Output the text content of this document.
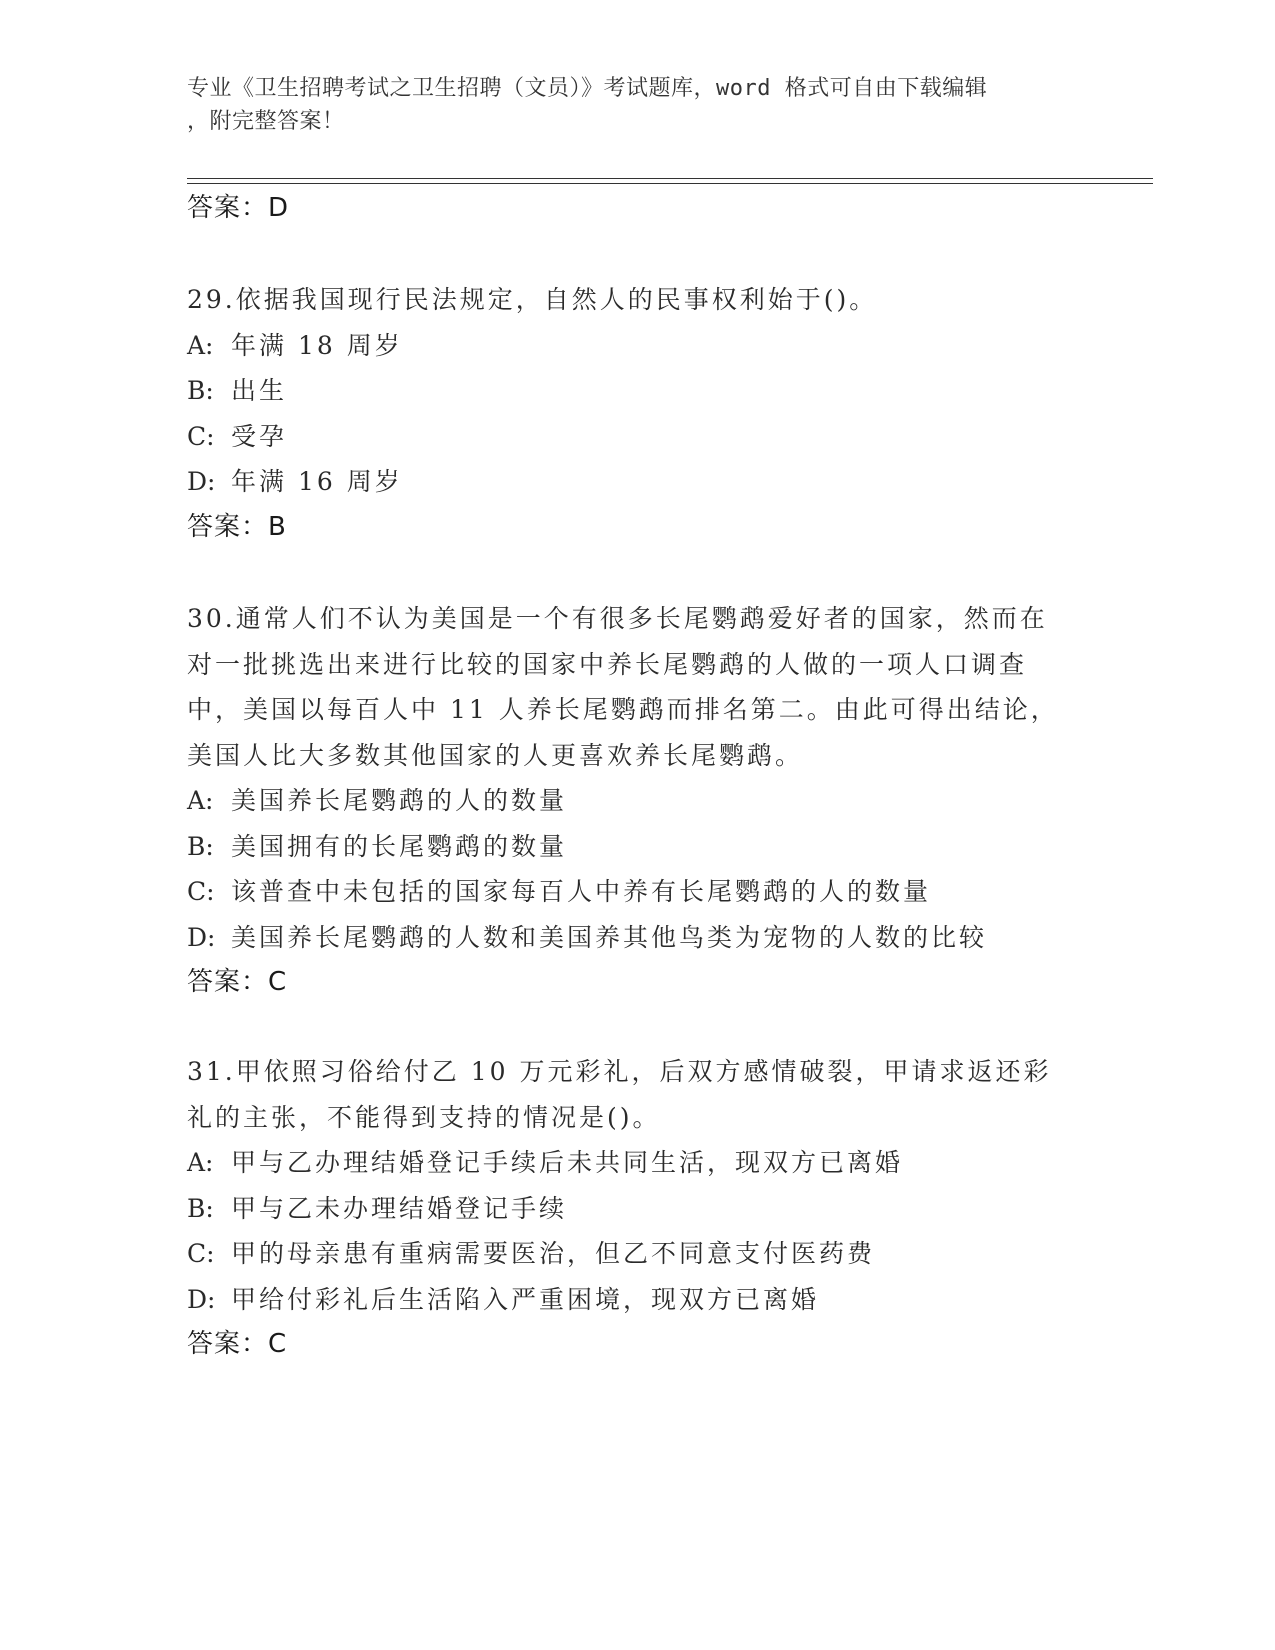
专业《卫生招聘考试之卫生招聘（文员）》考试题库，word 格式可自由下载编辑
，附完整答案！
答案：D
29.依据我国现行民法规定，自然人的民事权利始于()。
A: 年满 18 周岁
B: 出生
C: 受孕
D: 年满 16 周岁
答案：B
30.通常人们不认为美国是一个有很多长尾鹦鹉爱好者的国家，然而在
对一批挑选出来进行比较的国家中养长尾鹦鹉的人做的一项人口调查
中，美国以每百人中 11 人养长尾鹦鹉而排名第二。由此可得出结论，
美国人比大多数其他国家的人更喜欢养长尾鹦鹉。
A: 美国养长尾鹦鹉的人的数量
B: 美国拥有的长尾鹦鹉的数量
C: 该普查中未包括的国家每百人中养有长尾鹦鹉的人的数量
D: 美国养长尾鹦鹉的人数和美国养其他鸟类为宠物的人数的比较
答案：C
31.甲依照习俗给付乙 10 万元彩礼，后双方感情破裂，甲请求返还彩
礼的主张，不能得到支持的情况是()。
A: 甲与乙办理结婚登记手续后未共同生活，现双方已离婚
B: 甲与乙未办理结婚登记手续
C: 甲的母亲患有重病需要医治，但乙不同意支付医药费
D: 甲给付彩礼后生活陷入严重困境，现双方已离婚
答案：C
